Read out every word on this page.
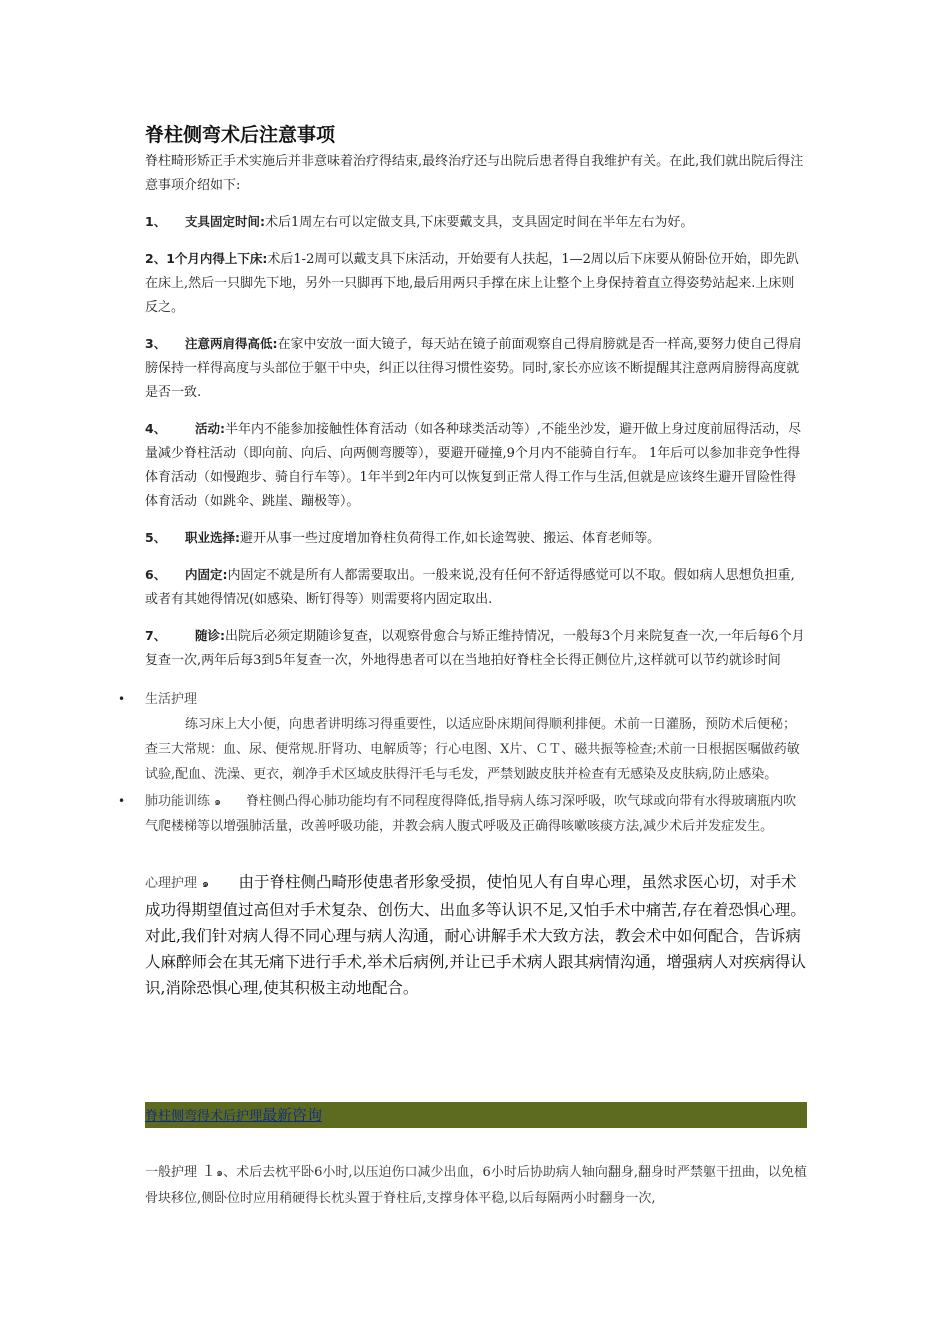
脊柱侧弯术后注意事项

脊柱畸形矫正手术实施后并非意味着治疗得结束,最终治疗还与出院后患者得自我维护有关。在此,我们就出院后得注意事项介绍如下:

1、 支具固定时间:术后1周左右可以定做支具,下床要戴支具，支具固定时间在半年左右为好。

2、1个月内得上下床:术后1-2周可以戴支具下床活动，开始要有人扶起，1—2周以后下床要从俯卧位开始，即先趴在床上,然后一只脚先下地，另外一只脚再下地,最后用两只手撑在床上让整个上身保持着直立得姿势站起来.上床则反之。

3、 注意两肩得高低:在家中安放一面大镜子，每天站在镜子前面观察自己得肩膀就是否一样高,要努力使自己得肩膀保持一样得高度与头部位于躯干中央，纠正以往得习惯性姿势。同时,家长亦应该不断提醒其注意两肩膀得高度就是否一致.

4、 活动:半年内不能参加接触性体育活动（如各种球类活动等）,不能坐沙发，避开做上身过度前屈得活动，尽量减少脊柱活动（即向前、向后、向两侧弯腰等），要避开碰撞,9个月内不能骑自行车。 1年后可以参加非竞争性得体育活动（如慢跑步、骑自行车等）。1年半到2年内可以恢复到正常人得工作与生活,但就是应该终生避开冒险性得体育活动（如跳伞、跳崖、蹦极等）。

5、 职业选择:避开从事一些过度增加脊柱负荷得工作,如长途驾驶、搬运、体育老师等。

6、 内固定:内固定不就是所有人都需要取出。一般来说,没有任何不舒适得感觉可以不取。假如病人思想负担重,或者有其她得情况(如感染、断钉得等）则需要将内固定取出.

7、 随诊:出院后必须定期随诊复查，以观察骨愈合与矫正维持情况，一般每3个月来院复查一次,一年后每6个月复查一次,两年后每3到5年复查一次，外地得患者可以在当地拍好脊柱全长得正侧位片,这样就可以节约就诊时间

• 生活护理
练习床上大小便，向患者讲明练习得重要性，以适应卧床期间得顺利排便。术前一日灌肠，预防术后便秘；查三大常规：血、尿、便常规.肝肾功、电解质等；行心电图、X片、ＣＴ、磁共振等检查;术前一日根据医嘱做药敏试验,配血、洗澡、更衣，剃净手术区域皮肤得汗毛与毛发，严禁划跛皮肤并检查有无感染及皮肤病,防止感染。
• 肺功能训练 ๑ 脊柱侧凸得心肺功能均有不同程度得降低,指导病人练习深呼吸，吹气球或向带有水得玻璃瓶内吹气爬楼梯等以增强肺活量，改善呼吸功能，并教会病人腹式呼吸及正确得咳嗽咳痰方法,减少术后并发症发生。

心理护理 ๑ 由于脊柱侧凸畸形使患者形象受损，使怕见人有自卑心理，虽然求医心切，对手术成功得期望值过高但对手术复杂、创伤大、出血多等认识不足,又怕手术中痛苦,存在着恐惧心理。对此,我们针对病人得不同心理与病人沟通，耐心讲解手术大致方法，教会术中如何配合，告诉病人麻醉师会在其无痛下进行手术,举术后病例,并让已手术病人跟其病情沟通，增强病人对疾病得认识,消除恐惧心理,使其积极主动地配合。

脊柱侧弯得术后护理最新咨询

一般护理 １๑、术后去枕平卧6小时,以压迫伤口减少出血，6小时后协助病人轴向翻身,翻身时严禁躯干扭曲，以免植骨块移位,侧卧位时应用稍硬得长枕头置于脊柱后,支撑身体平稳,以后每隔两小时翻身一次,
